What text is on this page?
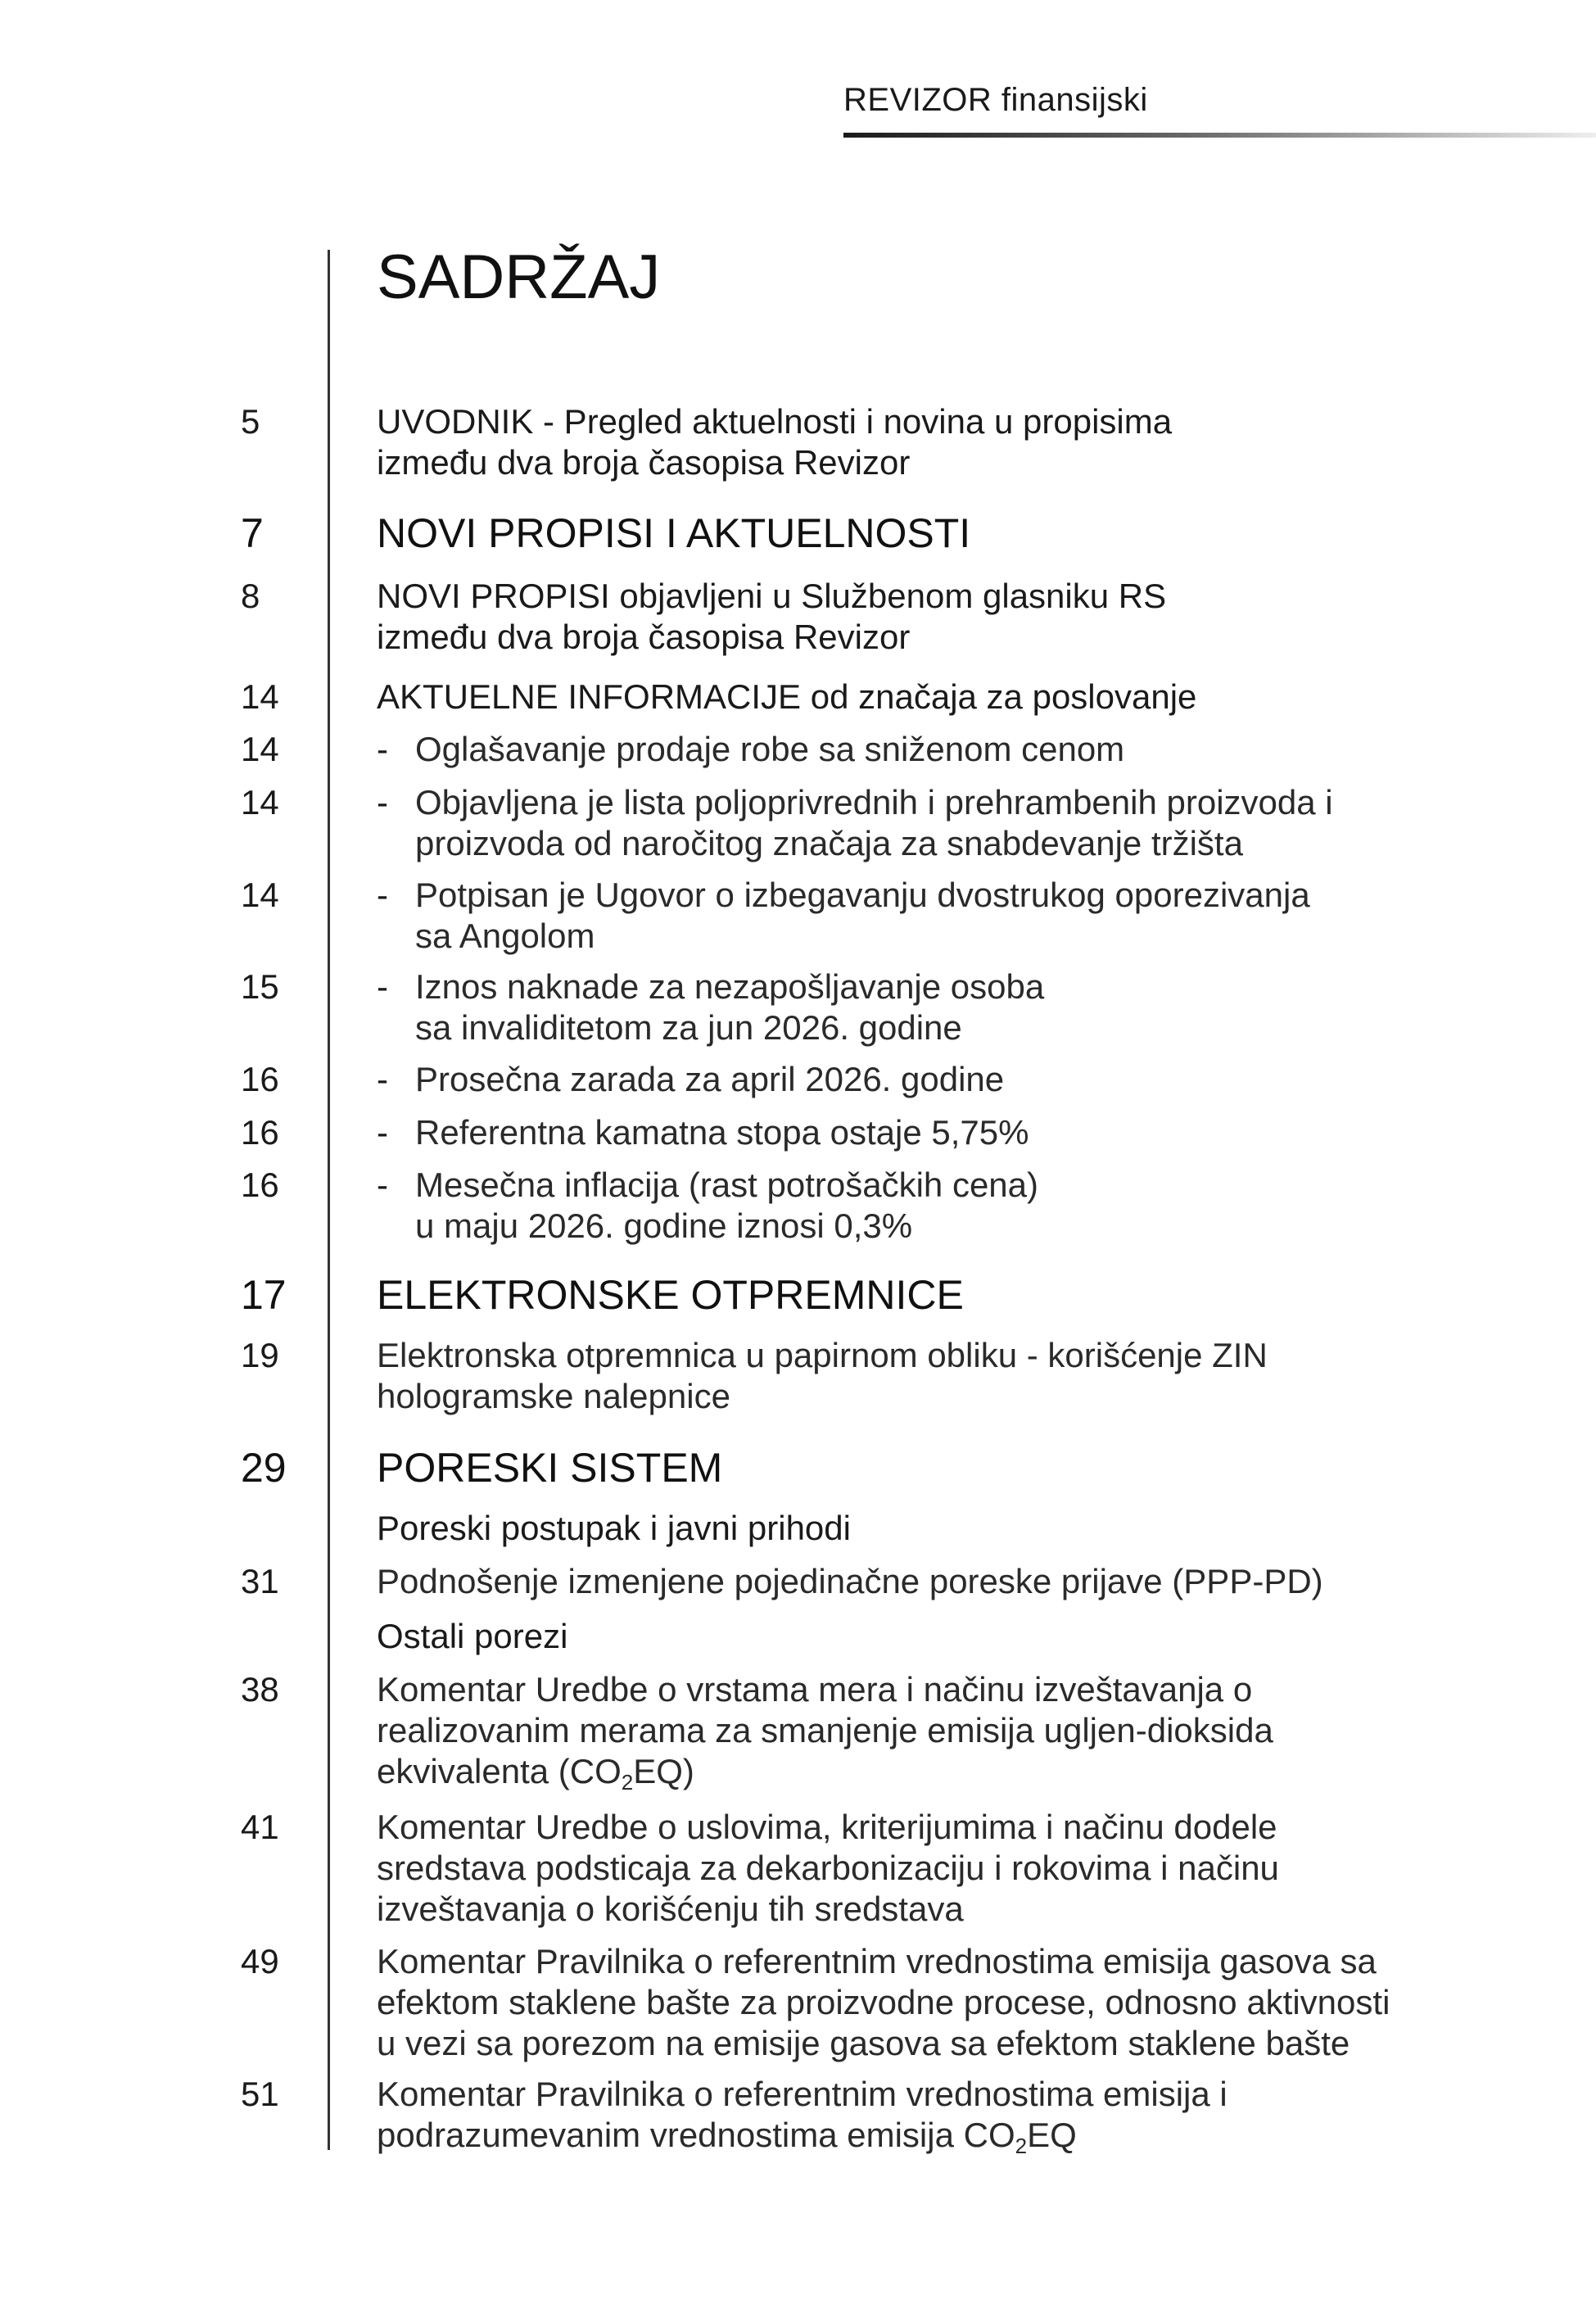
REVIZOR finansijski
SADRŽAJ
5	UVODNIK - Pregled aktuelnosti i novina u propisima
između dva broja časopisa Revizor
7	NOVI PROPISI I AKTUELNOSTI
8	NOVI PROPISI objavljeni u Službenom glasniku RS
između dva broja časopisa Revizor
14	AKTUELNE INFORMACIJE od značaja za poslovanje
14	- Oglašavanje prodaje robe sa sniženom cenom
14	- Objavljena je lista poljoprivrednih i prehrambenih proizvoda i
proizvoda od naročitog značaja za snabdevanje tržišta
14	- Potpisan je Ugovor o izbegavanju dvostrukog oporezivanja
sa Angolom
15	- Iznos naknade za nezapošljavanje osoba
sa invaliditetom za jun 2026. godine
16	- Prosečna zarada za april 2026. godine
16	- Referentna kamatna stopa ostaje 5,75%
16	- Mesečna inflacija (rast potrošačkih cena)
u maju 2026. godine iznosi 0,3%
17 ELEKTRONSKE OTPREMNICE
19	Elektronska otpremnica u papirnom obliku - korišćenje ZIN
hologramske nalepnice
29 PORESKI SISTEM
Poreski postupak i javni prihodi
31	Podnošenje izmenjene pojedinačne poreske prijave (PPP-PD)
Ostali porezi
38	Komentar Uredbe o vrstama mera i načinu izveštavanja o
realizovanim merama za smanjenje emisija ugljen-dioksida
ekvivalenta $(CO_2EQ)$
41	Komentar Uredbe o uslovima, kriterijumima i načinu dodele
sredstava podsticaja za dekarbonizaciju i rokovima i načinu
izveštavanja o korišćenju tih sredstava
49	Komentar Pravilnika o referentnim vrednostima emisija gasova sa
efektom staklene bašte za proizvodne procese, odnosno aktivnosti
u vezi sa porezom na emisije gasova sa efektom staklene bašte
51	Komentar Pravilnika o referentnim vrednostima emisija i
podrazumevanim vrednostima emisija $CO_2EQ$
